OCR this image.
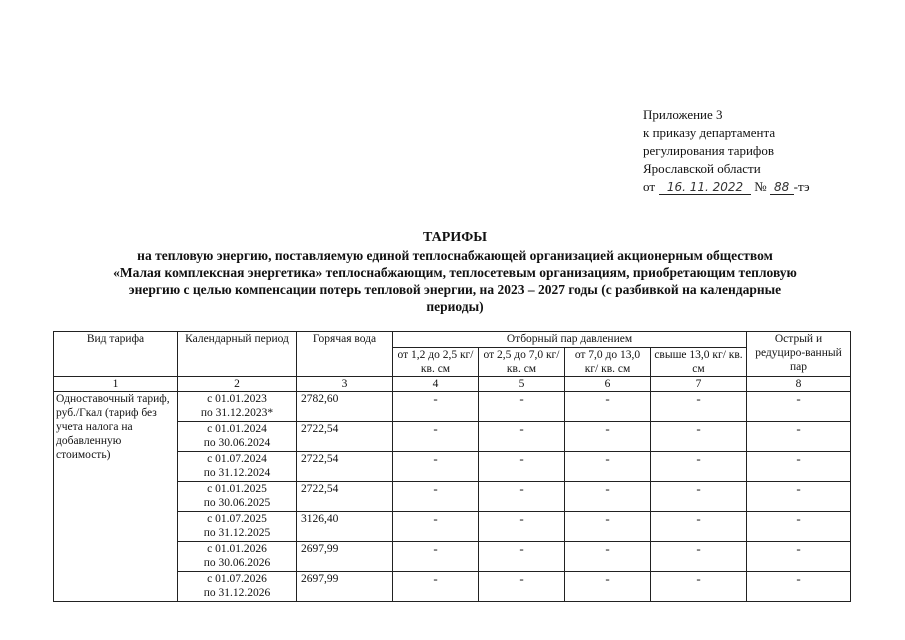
Приложение 3
к приказу департамента
регулирования тарифов
Ярославской области
от 16. 11. 2022 № 88 -тэ
ТАРИФЫ
на тепловую энергию, поставляемую единой теплоснабжающей организацией акционерным обществом
«Малая комплексная энергетика» теплоснабжающим, теплосетевым организациям, приобретающим тепловую
энергию с целью компенсации потерь тепловой энергии, на 2023 – 2027 годы (с разбивкой на календарные
периоды)
Вид тарифа	Календарный период	Горячая вода	Отборный пар давлением				Острый и редуциро-ванный пар
			от 1,2 до 2,5 кг/ кв. см	от 2,5 до 7,0 кг/ кв. см	от 7,0 до 13,0 кг/ кв. см	свыше 13,0 кг/ кв. см	
1	2	3	4	5	6	7	8
Одноставочный тариф, руб./Гкал (тариф без учета налога на добавленную стоимость)	с 01.01.2023
по 31.12.2023*	2782,60	-	-	-	-	-
	с 01.01.2024
по 30.06.2024	2722,54	-	-	-	-	-
	с 01.07.2024
по 31.12.2024	2722,54	-	-	-	-	-
	с 01.01.2025
по 30.06.2025	2722,54	-	-	-	-	-
	с 01.07.2025
по 31.12.2025	3126,40	-	-	-	-	-
	с 01.01.2026
по 30.06.2026	2697,99	-	-	-	-	-
	с 01.07.2026
по 31.12.2026	2697,99	-	-	-	-	-
